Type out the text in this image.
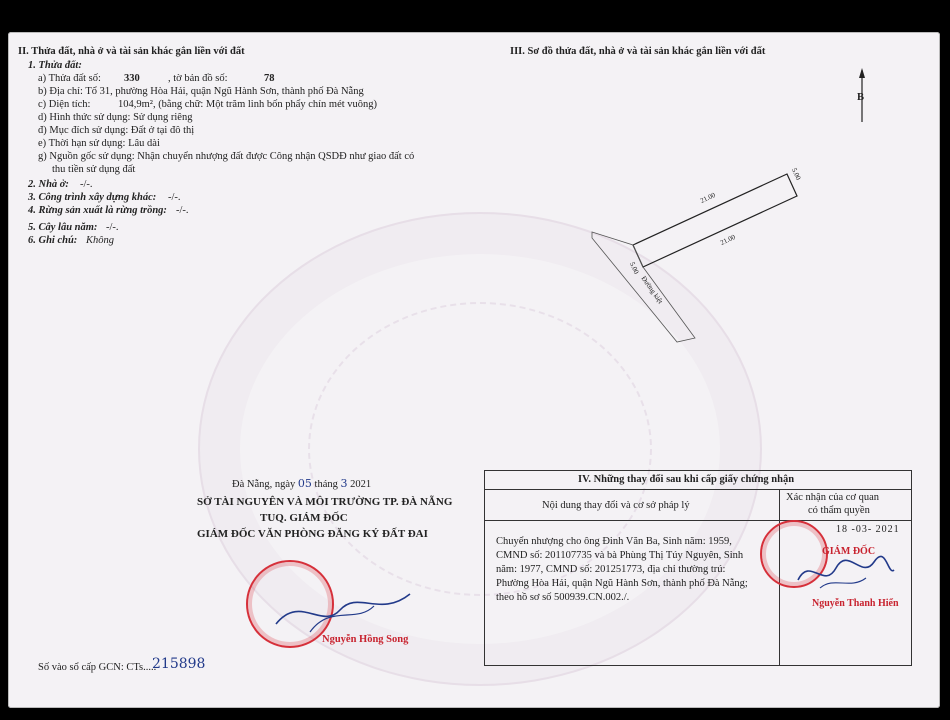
II. Thửa đất, nhà ở và tài sản khác gắn liền với đất
1. Thửa đất:
a) Thửa đất số: 330	, tờ bản đồ số:	78
b) Địa chỉ: Tổ 31, phường Hòa Hải, quận Ngũ Hành Sơn, thành phố Đà Nẵng
c) Diện tích:	104,9m², (bằng chữ: Một trăm linh bốn phẩy chín mét vuông)
d) Hình thức sử dụng: Sử dụng riêng
đ) Mục đích sử dụng: Đất ở tại đô thị
e) Thời hạn sử dụng: Lâu dài
g) Nguồn gốc sử dụng: Nhận chuyển nhượng đất được Công nhận QSDĐ như giao đất có
thu tiền sử dụng đất
2. Nhà ở: -/-.
3. Công trình xây dựng khác: -/-.
4. Rừng sản xuất là rừng trồng: -/-.
5. Cây lâu năm: -/-.
6. Ghi chú: Không
III. Sơ đồ thửa đất, nhà ở và tài sản khác gắn liền với đất
B
21.00
5.00
21.00
5.00
Đường kiệt
Đà Nẵng, ngày 05 tháng 3 2021
SỞ TÀI NGUYÊN VÀ MÔI TRƯỜNG TP. ĐÀ NẴNG
TUQ. GIÁM ĐỐC
GIÁM ĐỐC VĂN PHÒNG ĐĂNG KÝ ĐẤT ĐAI
Nguyễn Hồng Song
Số vào sổ cấp GCN: CTs.....
215898
IV. Những thay đổi sau khi cấp giấy chứng nhận
Nội dung thay đổi và cơ sở pháp lý
Xác nhận của cơ quan
có thẩm quyền
Chuyển nhượng cho ông Đinh Văn Ba, Sinh năm: 1959,
CMND số: 201107735 và bà Phùng Thị Túy Nguyên, Sinh
năm: 1977, CMND số: 201251773, địa chỉ thường trú:
Phường Hòa Hải, quận Ngũ Hành Sơn, thành phố Đà Nẵng;
theo hồ sơ số 500939.CN.002./.
18 -03- 2021
GIÁM ĐỐC
Nguyễn Thanh Hiển
